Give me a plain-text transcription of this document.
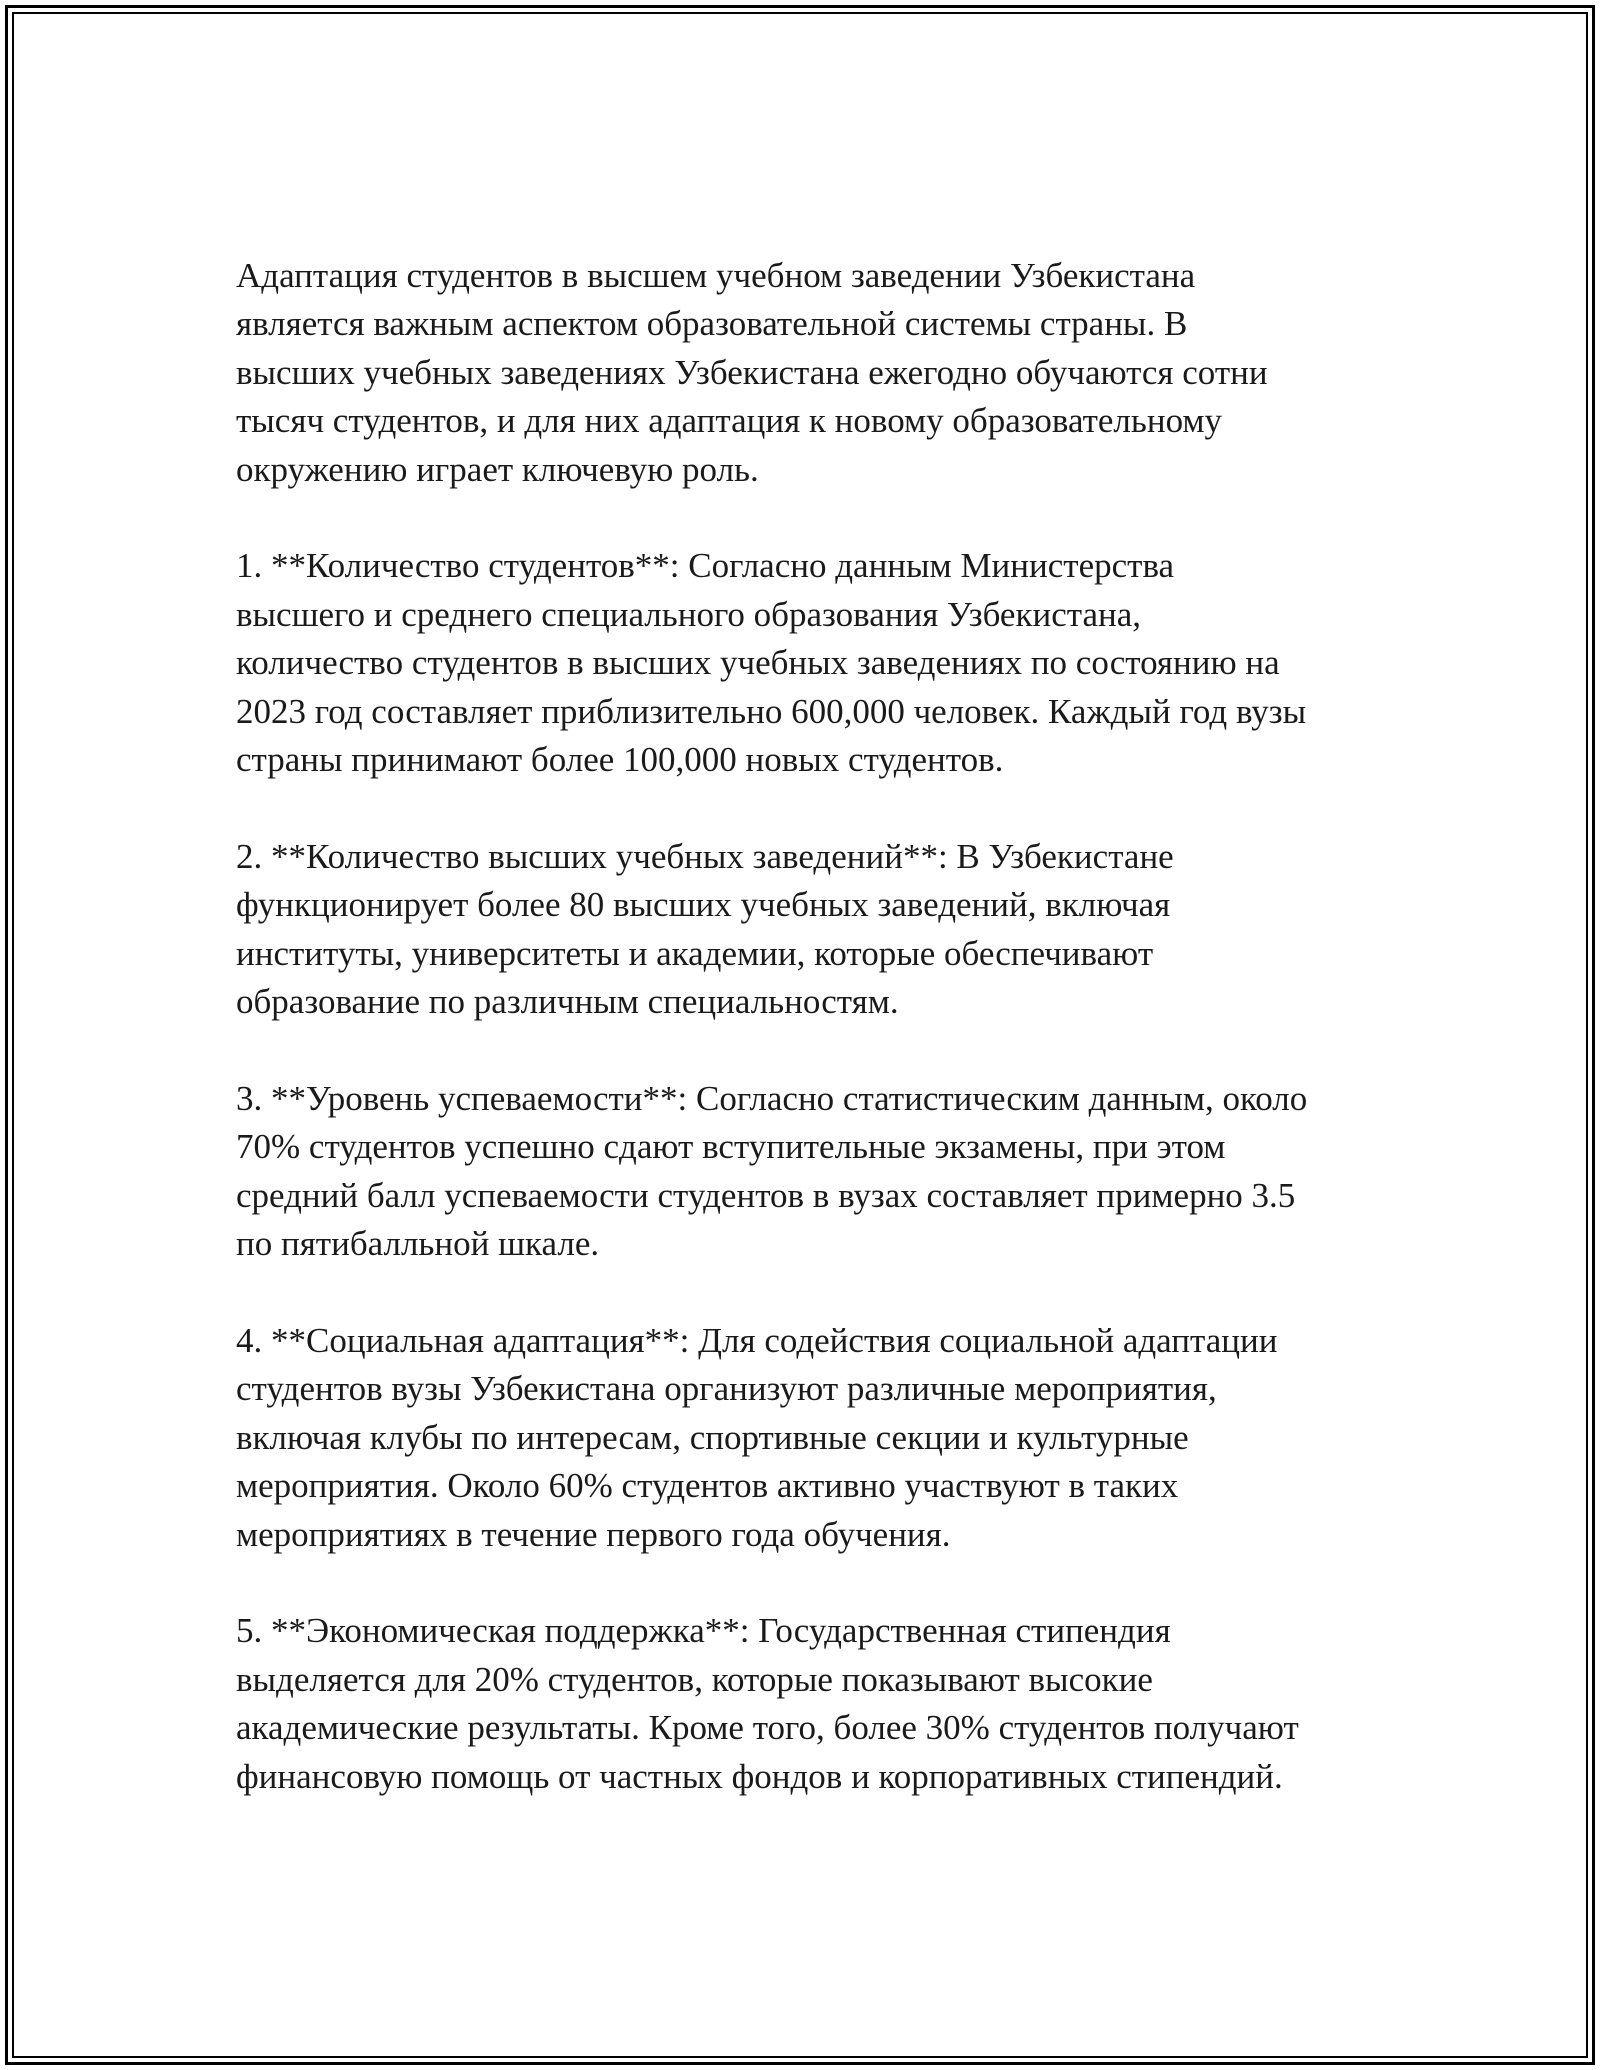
Адаптация студентов в высшем учебном заведении Узбекистана
является важным аспектом образовательной системы страны. В
высших учебных заведениях Узбекистана ежегодно обучаются сотни
тысяч студентов, и для них адаптация к новому образовательному
окружению играет ключевую роль.

1. **Количество студентов**: Согласно данным Министерства
высшего и среднего специального образования Узбекистана,
количество студентов в высших учебных заведениях по состоянию на
2023 год составляет приблизительно 600,000 человек. Каждый год вузы
страны принимают более 100,000 новых студентов.

2. **Количество высших учебных заведений**: В Узбекистане
функционирует более 80 высших учебных заведений, включая
институты, университеты и академии, которые обеспечивают
образование по различным специальностям.

3. **Уровень успеваемости**: Согласно статистическим данным, около
70% студентов успешно сдают вступительные экзамены, при этом
средний балл успеваемости студентов в вузах составляет примерно 3.5
по пятибалльной шкале.

4. **Социальная адаптация**: Для содействия социальной адаптации
студентов вузы Узбекистана организуют различные мероприятия,
включая клубы по интересам, спортивные секции и культурные
мероприятия. Около 60% студентов активно участвуют в таких
мероприятиях в течение первого года обучения.

5. **Экономическая поддержка**: Государственная стипендия
выделяется для 20% студентов, которые показывают высокие
академические результаты. Кроме того, более 30% студентов получают
финансовую помощь от частных фондов и корпоративных стипендий.
